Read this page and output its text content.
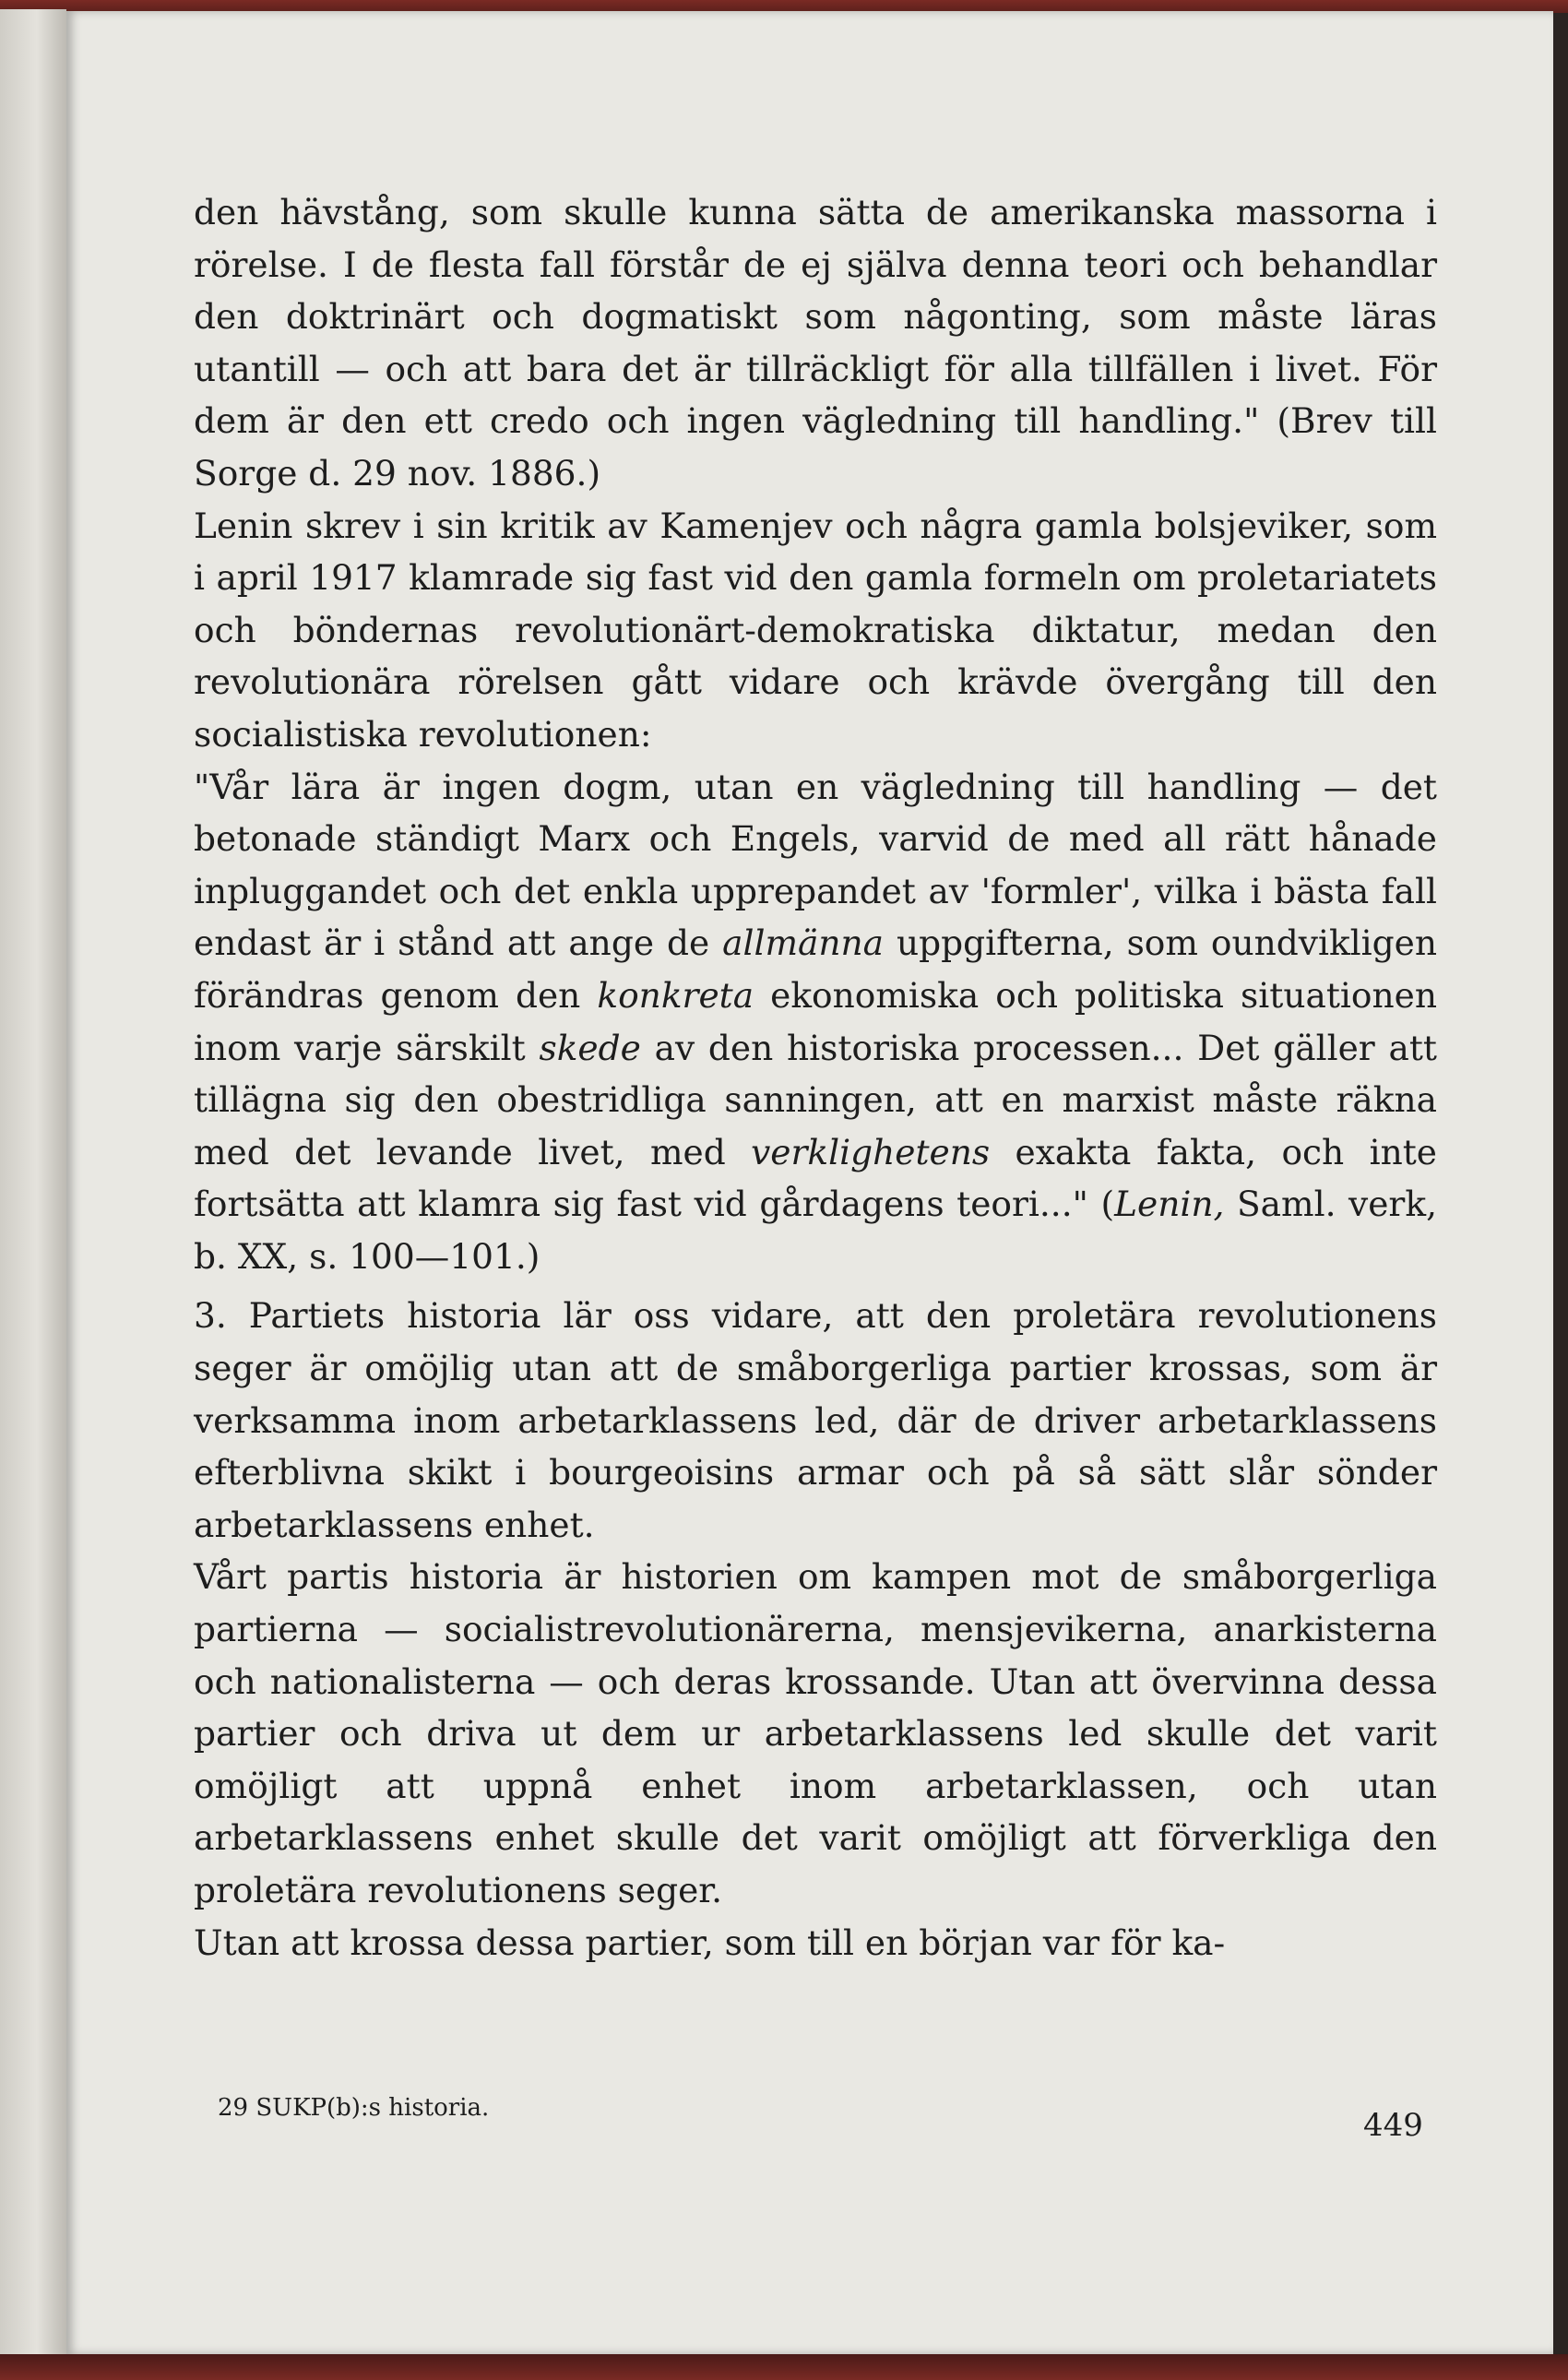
den hävstång, som skulle kunna sätta de amerikanska massorna i rörelse. I de flesta fall förstår de ej själva denna teori och behandlar den doktrinärt och dogmatiskt som någonting, som måste läras utantill — och att bara det är tillräckligt för alla tillfällen i livet. För dem är den ett credo och ingen vägledning till handling." (Brev till Sorge d. 29 nov. 1886.)

Lenin skrev i sin kritik av Kamenjev och några gamla bolsjeviker, som i april 1917 klamrade sig fast vid den gamla formeln om proletariatets och böndernas revolutionärt-demokratiska diktatur, medan den revolutionära rörelsen gått vidare och krävde övergång till den socialistiska revolutionen:

"Vår lära är ingen dogm, utan en vägledning till handling — det betonade ständigt Marx och Engels, varvid de med all rätt hånade inpluggandet och det enkla upprepandet av 'formler', vilka i bästa fall endast är i stånd att ange de allmänna uppgifterna, som oundvikligen förändras genom den konkreta ekonomiska och politiska situationen inom varje särskilt skede av den historiska processen... Det gäller att tillägna sig den obestridliga sanningen, att en marxist måste räkna med det levande livet, med verklighetens exakta fakta, och inte fortsätta att klamra sig fast vid gårdagens teori..." (Lenin, Saml. verk, b. XX, s. 100—101.)

3. Partiets historia lär oss vidare, att den proletära revolutionens seger är omöjlig utan att de småborgerliga partier krossas, som är verksamma inom arbetarklassens led, där de driver arbetarklassens efterblivna skikt i bourgeoisins armar och på så sätt slår sönder arbetarklassens enhet.

Vårt partis historia är historien om kampen mot de småborgerliga partierna — socialistrevolutionärerna, mensjevikerna, anarkisterna och nationalisterna — och deras krossande. Utan att övervinna dessa partier och driva ut dem ur arbetarklassens led skulle det varit omöjligt att uppnå enhet inom arbetarklassen, och utan arbetarklassens enhet skulle det varit omöjligt att förverkliga den proletära revolutionens seger.

Utan att krossa dessa partier, som till en början var för ka-

29 SUKP(b):s historia.	449
